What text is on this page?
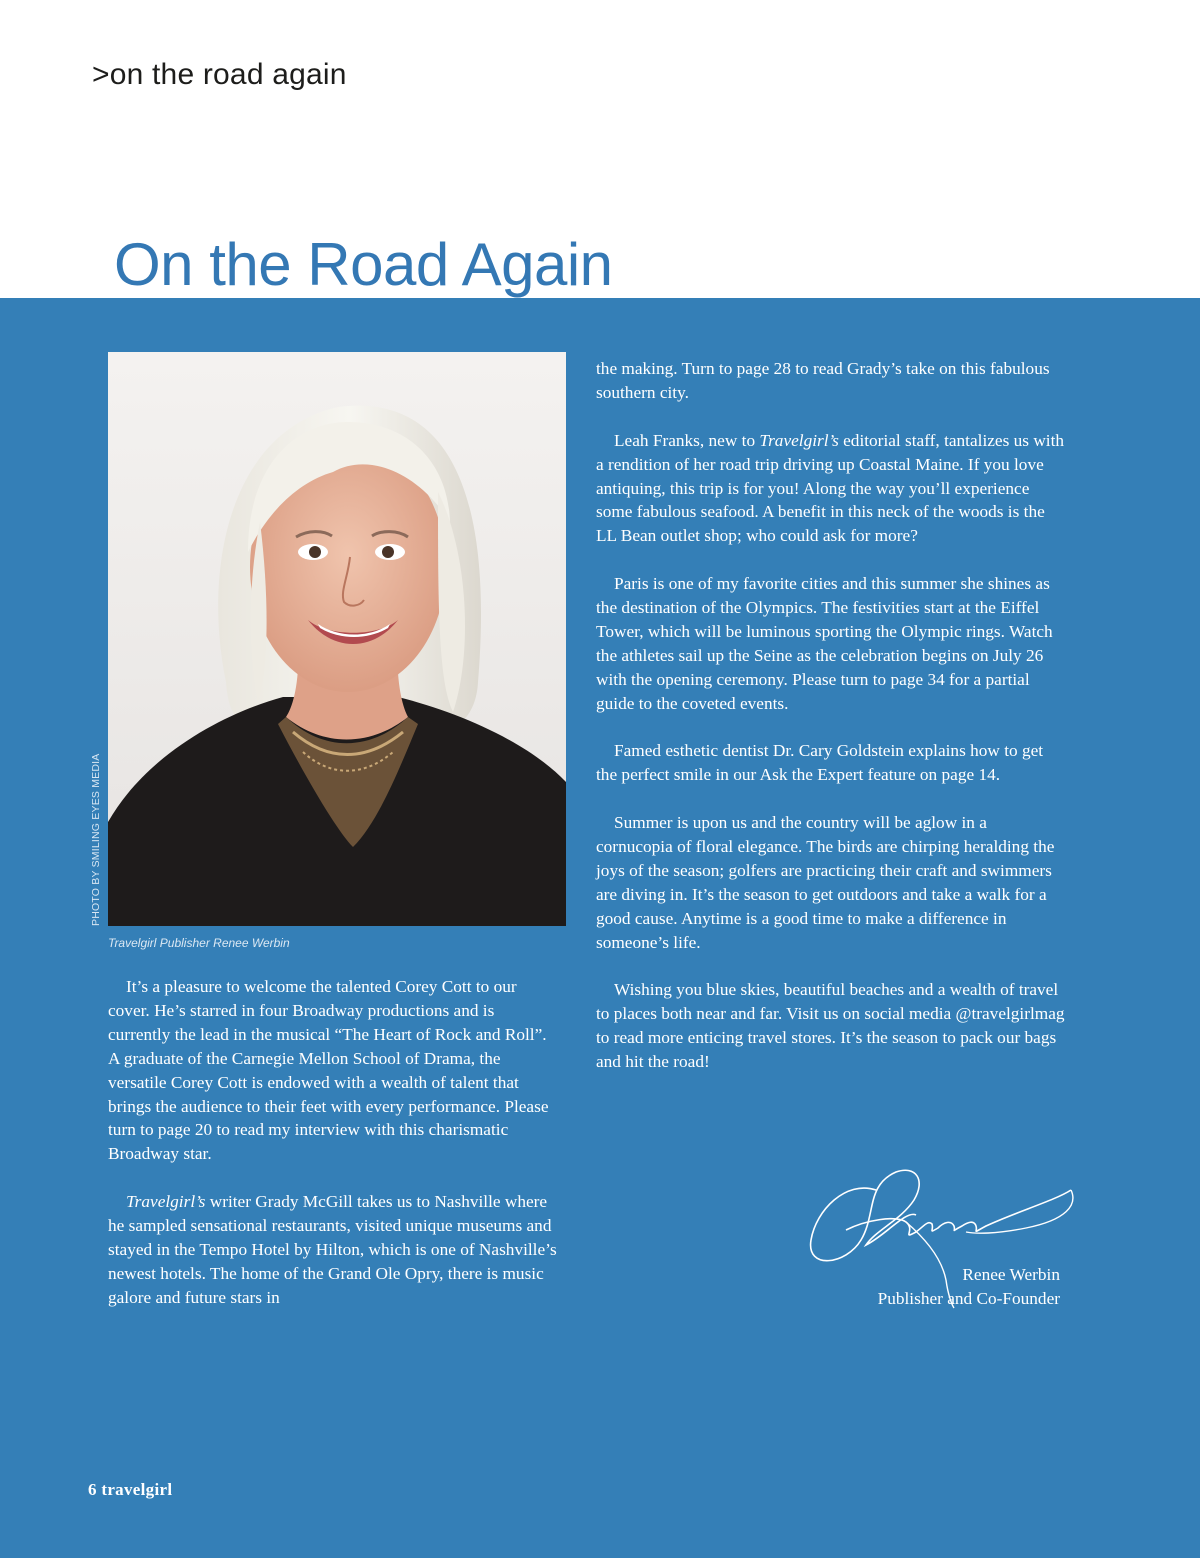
>on the road again
On the Road Again
PHOTO BY SMILING EYES MEDIA
Travelgirl Publisher Renee Werbin

It’s a pleasure to welcome the talented Corey Cott to our cover. He’s starred in four Broadway productions and is currently the lead in the musical “The Heart of Rock and Roll”. A graduate of the Carnegie Mellon School of Drama, the versatile Corey Cott is endowed with a wealth of talent that brings the audience to their feet with every performance. Please turn to page 20 to read my interview with this charismatic Broadway star.

Travelgirl’s writer Grady McGill takes us to Nashville where he sampled sensational restaurants, visited unique museums and stayed in the Tempo Hotel by Hilton, which is one of Nashville’s newest hotels. The home of the Grand Ole Opry, there is music galore and future stars in

the making. Turn to page 28 to read Grady’s take on this fabulous southern city.

Leah Franks, new to Travelgirl’s editorial staff, tantalizes us with a rendition of her road trip driving up Coastal Maine. If you love antiquing, this trip is for you! Along the way you’ll experience some fabulous seafood. A benefit in this neck of the woods is the LL Bean outlet shop; who could ask for more?

Paris is one of my favorite cities and this summer she shines as the destination of the Olympics. The festivities start at the Eiffel Tower, which will be luminous sporting the Olympic rings. Watch the athletes sail up the Seine as the celebration begins on July 26 with the opening ceremony. Please turn to page 34 for a partial guide to the coveted events.

Famed esthetic dentist Dr. Cary Goldstein explains how to get the perfect smile in our Ask the Expert feature on page 14.

Summer is upon us and the country will be aglow in a cornucopia of floral elegance. The birds are chirping heralding the joys of the season; golfers are practicing their craft and swimmers are diving in. It’s the season to get outdoors and take a walk for a good cause. Anytime is a good time to make a difference in someone’s life.

Wishing you blue skies, beautiful beaches and a wealth of travel to places both near and far. Visit us on social media @travelgirlmag to read more enticing travel stores. It’s the season to pack our bags and hit the road!

Renee Werbin
Publisher and Co-Founder
6 travelgirl
